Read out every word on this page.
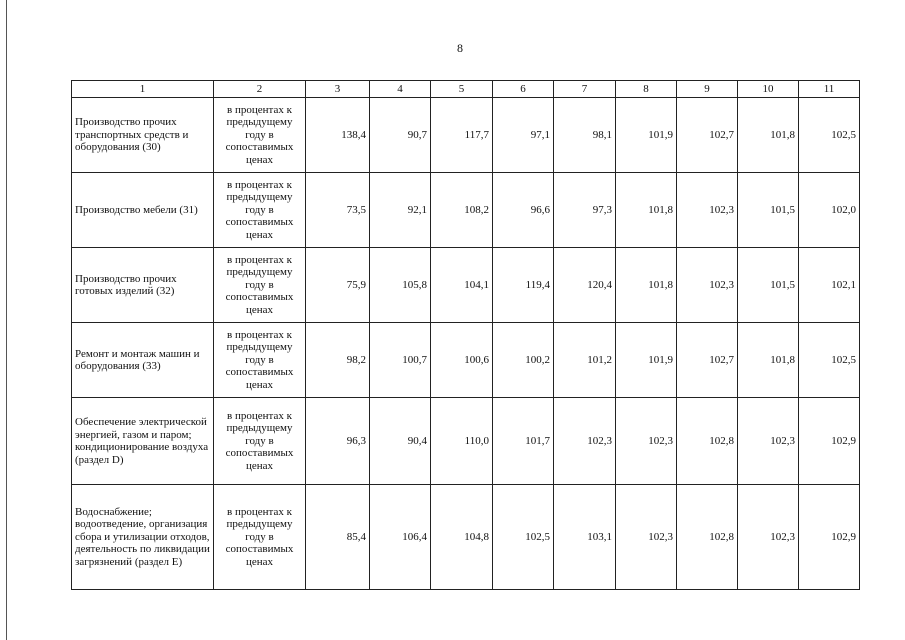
8
1	2	3	4	5	6	7	8	9	10	11
Производство прочих транспортных средств и оборудования (30)	в процентах к предыдущему году в сопоставимых ценах	138,4	90,7	117,7	97,1	98,1	101,9	102,7	101,8	102,5
Производство мебели (31)	в процентах к предыдущему году в сопоставимых ценах	73,5	92,1	108,2	96,6	97,3	101,8	102,3	101,5	102,0
Производство прочих готовых изделий (32)	в процентах к предыдущему году в сопоставимых ценах	75,9	105,8	104,1	119,4	120,4	101,8	102,3	101,5	102,1
Ремонт и монтаж машин и оборудования (33)	в процентах к предыдущему году в сопоставимых ценах	98,2	100,7	100,6	100,2	101,2	101,9	102,7	101,8	102,5
Обеспечение электрической энергией, газом и паром; кондиционирование воздуха (раздел D)	в процентах к предыдущему году в сопоставимых ценах	96,3	90,4	110,0	101,7	102,3	102,3	102,8	102,3	102,9
Водоснабжение; водоотведение, организация сбора и утилизации отходов, деятельность по ликвидации загрязнений (раздел E)	в процентах к предыдущему году в сопоставимых ценах	85,4	106,4	104,8	102,5	103,1	102,3	102,8	102,3	102,9
